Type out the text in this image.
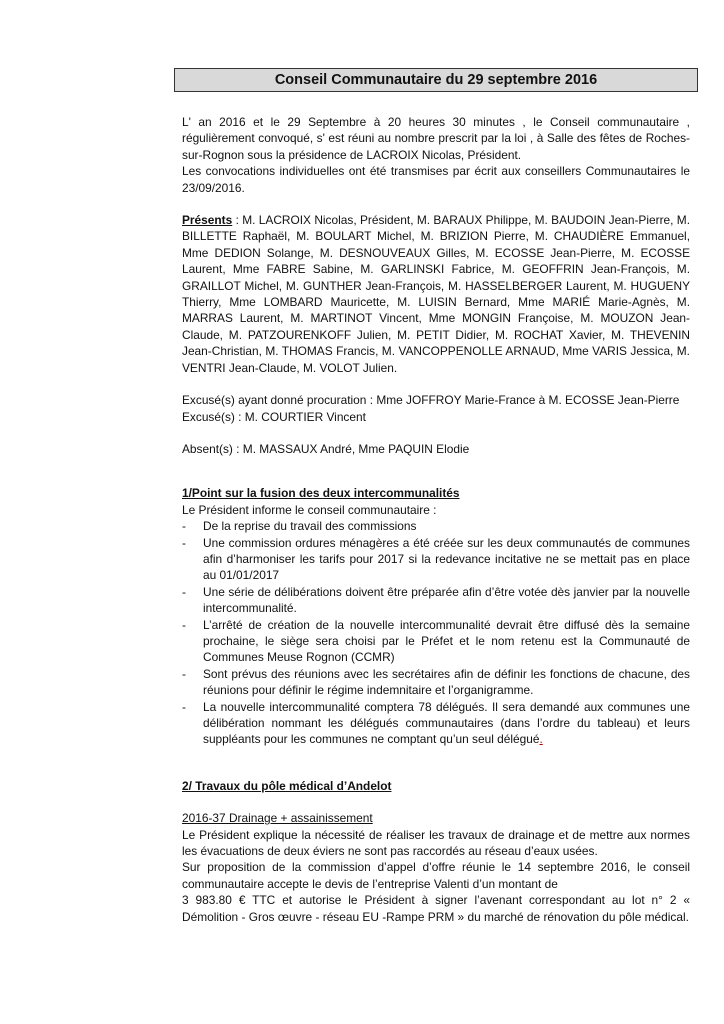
Conseil Communautaire du 29 septembre 2016

L' an 2016 et le 29 Septembre à 20 heures 30 minutes , le Conseil communautaire , régulièrement convoqué, s' est réuni au nombre prescrit par la loi , à Salle des fêtes de Roches-sur-Rognon sous la présidence de LACROIX Nicolas, Président.

Les convocations individuelles ont été transmises par écrit aux conseillers Communautaires le 23/09/2016.

Présents : M. LACROIX Nicolas, Président, M. BARAUX Philippe, M. BAUDOIN Jean-Pierre, M. BILLETTE Raphaël, M. BOULART Michel, M. BRIZION Pierre, M. CHAUDIÈRE Emmanuel, Mme DEDION Solange, M. DESNOUVEAUX Gilles, M. ECOSSE Jean-Pierre, M. ECOSSE Laurent, Mme FABRE Sabine, M. GARLINSKI Fabrice, M. GEOFFRIN Jean-François, M. GRAILLOT Michel, M. GUNTHER Jean-François, M. HASSELBERGER Laurent, M. HUGUENY Thierry, Mme LOMBARD Mauricette, M. LUISIN Bernard, Mme MARIÉ Marie-Agnès, M. MARRAS Laurent, M. MARTINOT Vincent, Mme MONGIN Françoise, M. MOUZON Jean-Claude, M. PATZOURENKOFF Julien, M. PETIT Didier, M. ROCHAT Xavier, M. THEVENIN Jean-Christian, M. THOMAS Francis, M. VANCOPPENOLLE ARNAUD, Mme VARIS Jessica, M. VENTRI Jean-Claude, M. VOLOT Julien.

Excusé(s) ayant donné procuration : Mme JOFFROY Marie-France à M. ECOSSE Jean-Pierre

Excusé(s) : M. COURTIER Vincent

Absent(s) : M. MASSAUX André, Mme PAQUIN Elodie

1/Point sur la fusion des deux intercommunalités

Le Président informe le conseil communautaire :

- De la reprise du travail des commissions
- Une commission ordures ménagères a été créée sur les deux communautés de communes afin d’harmoniser les tarifs pour 2017 si la redevance incitative ne se mettait pas en place au 01/01/2017
- Une série de délibérations doivent être préparée afin d’être votée dès janvier par la nouvelle intercommunalité.
- L’arrêté de création de la nouvelle intercommunalité devrait être diffusé dès la semaine prochaine, le siège sera choisi par le Préfet et le nom retenu est la Communauté de Communes Meuse Rognon (CCMR)
- Sont prévus des réunions avec les secrétaires afin de définir les fonctions de chacune, des réunions pour définir le régime indemnitaire et l’organigramme.
- La nouvelle intercommunalité comptera 78 délégués. Il sera demandé aux communes une délibération nommant les délégués communautaires (dans l’ordre du tableau) et leurs suppléants pour les communes ne comptant qu’un seul délégué.

2/ Travaux du pôle médical d’Andelot

2016-37 Drainage + assainissement

Le Président explique la nécessité de réaliser les travaux de drainage et de mettre aux normes les évacuations de deux éviers ne sont pas raccordés au réseau d’eaux usées.

Sur proposition de la commission d’appel d’offre réunie le 14 septembre 2016, le conseil communautaire accepte le devis de l’entreprise Valenti d’un montant de

3 983.80 € TTC et autorise le Président à signer l’avenant correspondant au lot n° 2 « Démolition - Gros œuvre - réseau EU -Rampe PRM » du marché de rénovation du pôle médical.
